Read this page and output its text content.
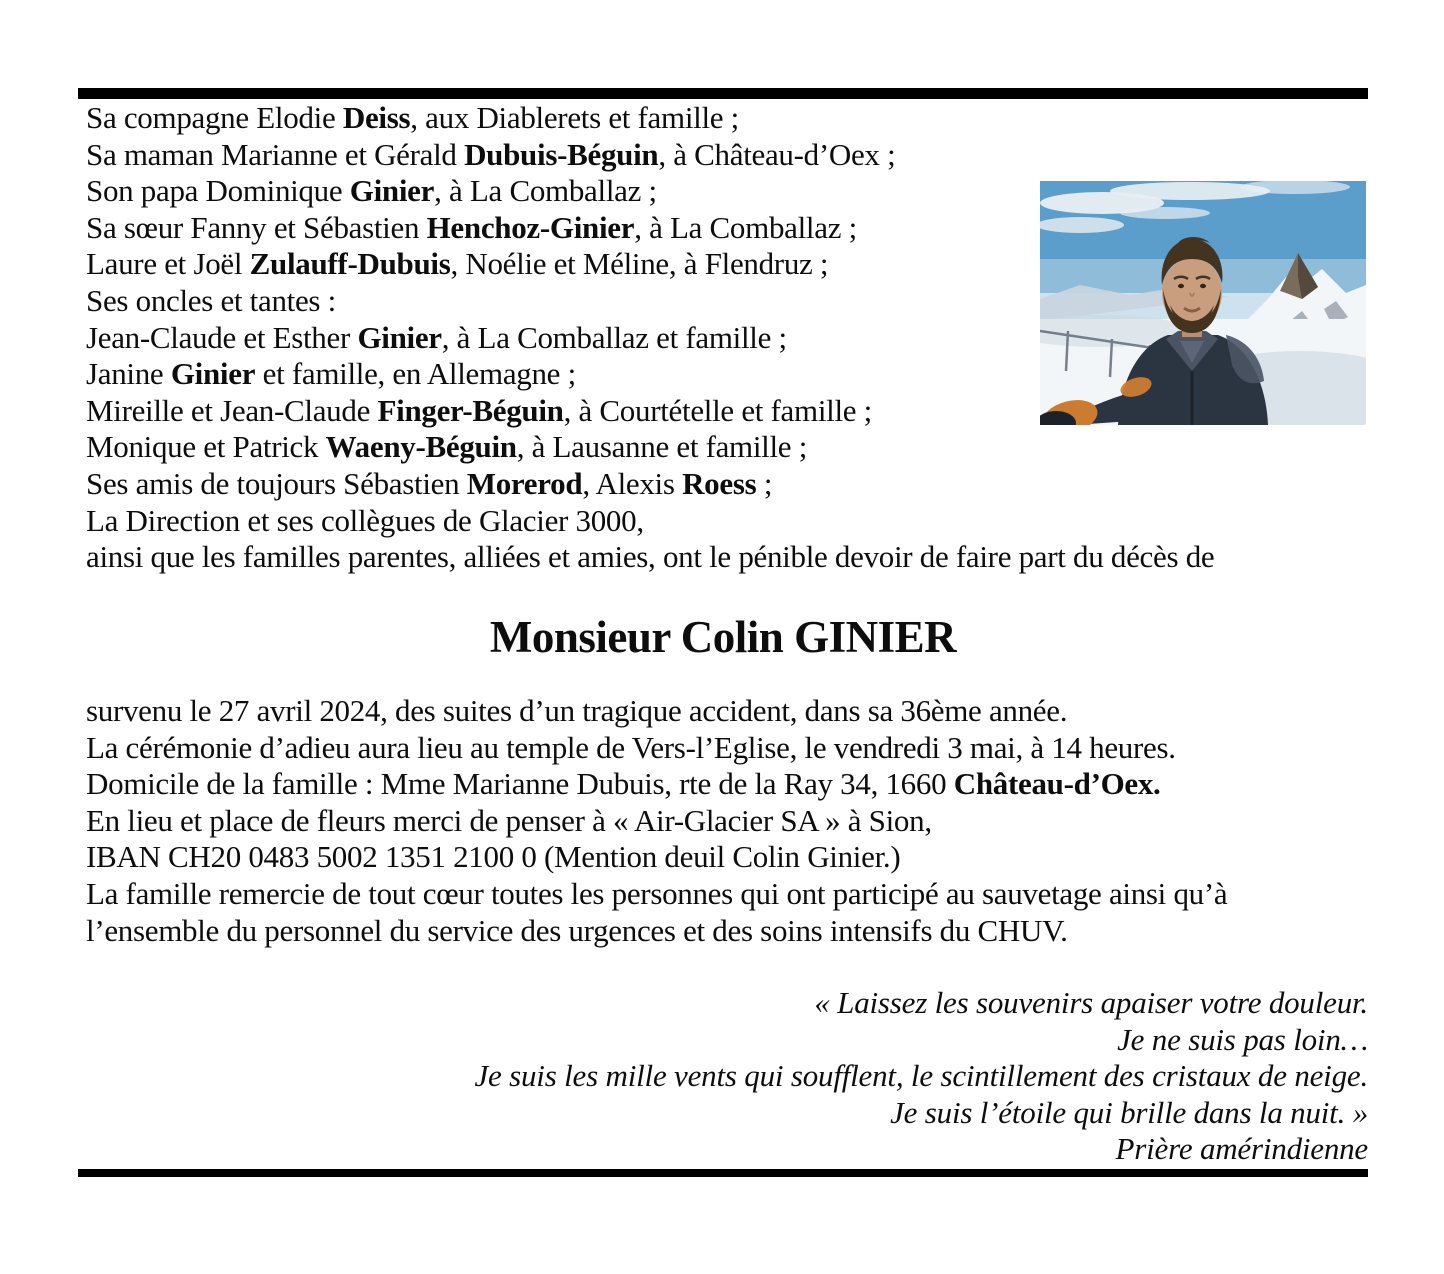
Sa compagne Elodie Deiss, aux Diablerets et famille ;
Sa maman Marianne et Gérald Dubuis-Béguin, à Château-d’Oex ;
Son papa Dominique Ginier, à La Comballaz ;
Sa sœur Fanny et Sébastien Henchoz-Ginier, à La Comballaz ;
Laure et Joël Zulauff-Dubuis, Noélie et Méline, à Flendruz ;
Ses oncles et tantes :
Jean-Claude et Esther Ginier, à La Comballaz et famille ;
Janine Ginier et famille, en Allemagne ;
Mireille et Jean-Claude Finger-Béguin, à Courtételle et famille ;
Monique et Patrick Waeny-Béguin, à Lausanne et famille ;
Ses amis de toujours Sébastien Morerod, Alexis Roess ;
La Direction et ses collègues de Glacier 3000,
ainsi que les familles parentes, alliées et amies, ont le pénible devoir de faire part du décès de
Monsieur Colin GINIER
survenu le 27 avril 2024, des suites d’un tragique accident, dans sa 36ème année.
La cérémonie d’adieu aura lieu au temple de Vers-l’Eglise, le vendredi 3 mai, à 14 heures.
Domicile de la famille : Mme Marianne Dubuis, rte de la Ray 34, 1660 Château-d’Oex.
En lieu et place de fleurs merci de penser à « Air-Glacier SA » à Sion,
IBAN CH20 0483 5002 1351 2100 0 (Mention deuil Colin Ginier.)
La famille remercie de tout cœur toutes les personnes qui ont participé au sauvetage ainsi qu’à
l’ensemble du personnel du service des urgences et des soins intensifs du CHUV.
« Laissez les souvenirs apaiser votre douleur.
Je ne suis pas loin…
Je suis les mille vents qui soufflent, le scintillement des cristaux de neige.
Je suis l’étoile qui brille dans la nuit. »
Prière amérindienne
